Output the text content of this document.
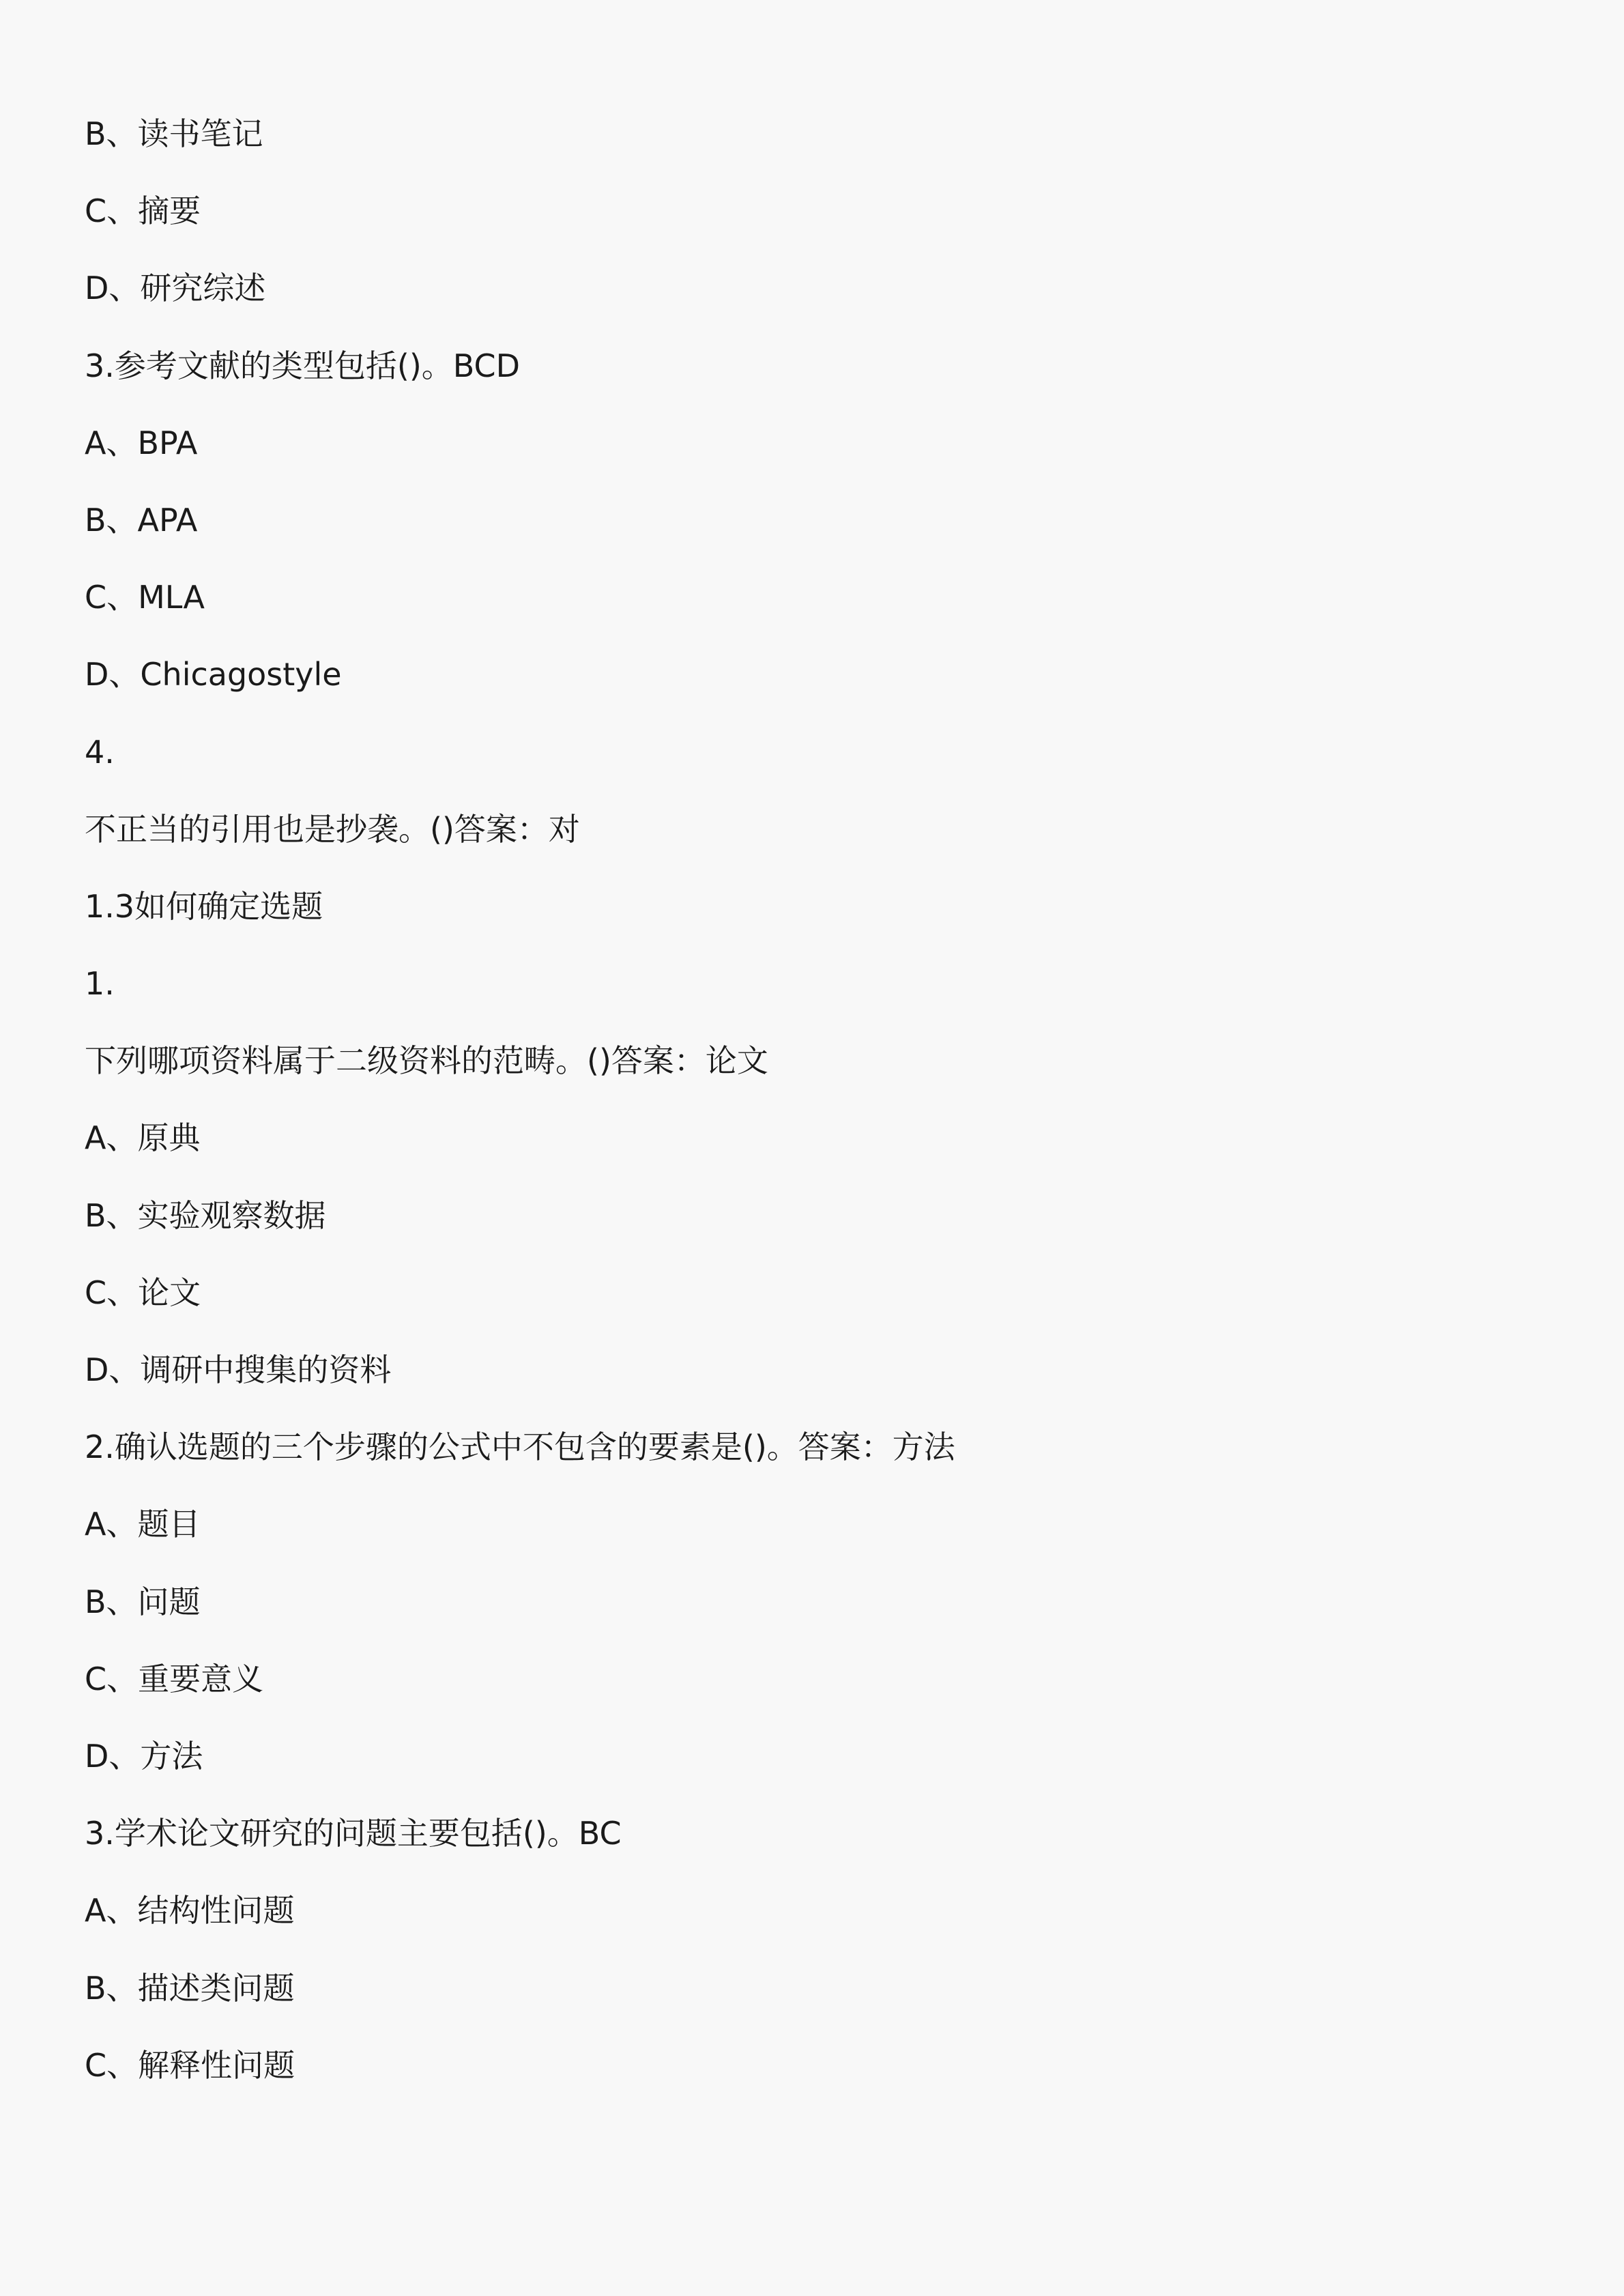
B、读书笔记
C、摘要
D、研究综述
3.参考文献的类型包括()。BCD
A、BPA
B、APA
C、MLA
D、Chicagostyle
4.
不正当的引用也是抄袭。()答案：对
1.3如何确定选题
1.
下列哪项资料属于二级资料的范畴。()答案：论文
A、原典
B、实验观察数据
C、论文
D、调研中搜集的资料
2.确认选题的三个步骤的公式中不包含的要素是()。答案：方法
A、题目
B、问题
C、重要意义
D、方法
3.学术论文研究的问题主要包括()。BC
A、结构性问题
B、描述类问题
C、解释性问题
